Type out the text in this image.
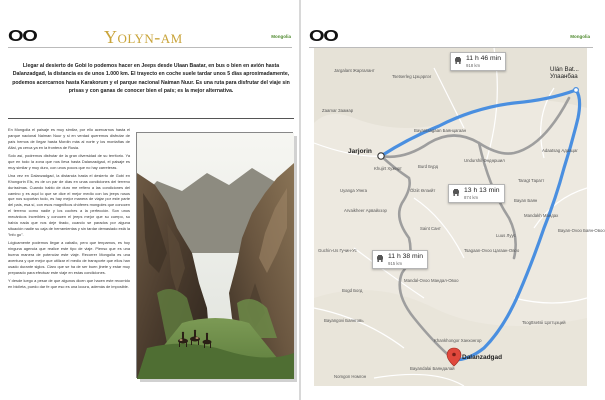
OO	Yolyn-am	Mongolia
Llegar al desierto de Gobi lo podemos hacer en Jeeps desde Ulaan Baatar, en bus o bien en avión hasta Dalanzadgad, la distancia es de unos 1.000 km. El trayecto en coche suele tardar unos 5 días aproximadamente, podemos acercarnos hasta Karakorum y el parque nacional Naiman Nuur. Es una ruta para disfrutar del viaje sin prisas y con ganas de conocer bien el país; es la mejor alternativa.

En Mongolia el paisaje es muy similar, por ello acercarnos hasta el parque nacional Naiman Nuur y si en verdad queremos disfrutar de país hemos de llegar hasta Mordin más al norte y los montañas de Altai, ya cerca ya en la frontera de Rusia.

Solo así, podremos disfrutar de la gran diversidad de su territorio. Ya que en todo la zona que nos lleva hasta Dalanzadgad, el paisaje es muy similar y muy duro, con unos pocos que no hay carreteras.

Una vez en Dalanzadgad, la distancia hasta el desierto de Gobi en Khongorin Els, es de un par de días en unas condiciones del terreno duríssimas. Cuando hablo de duro me refiero a las condiciones del camino y es aquí lo que se dice el mejor medio con los jeeps rusos que nos soportan todo, es hay mejor manera de viajar por este parte del país, esa sí, con esos magníficos chóferes mongoles que conocen el terreno como nadie y los coches a la perfección. Son unos mecánicos increíbles y conocen el jeeps mejor que su cuerpo, su había nada que nos deje tirado, cuando se parados por alguna situación nadie su caja de herramientas y sin tardar demasiado está la "info go".

Lógicamente podemos llegar a caballo, pero que tenpamos, es hoy ninguna agencia que realice este tipo de viaje. Pienso que es una buena manera de potenciar este viaje. Recorrer Mongolia es una aventura y que mejor que utilizar el medio de transporte que ellos han usado durante siglos. Claro que se ha de ser buen jinete y estar muy preparado para efectuar este viaje en estas condiciones.

Y desde luego a pesar de que algunos dicen que hacen este recorrido en bicileta, puedo dar fe que eso es una locura, además de imposible.

OO	Mongolia
Jargalant Жаргалант
Tsetserleg Цэцэрлэг
Zaamar Заамар
Bayantsagaan Баянцагаан
Khujirt Хужирт	Burd Бүрд
Uyanga Уянга
Arvaikheer Арвайхээр
Ölziit Өлзийт
Saint Сант
Taragt Тарагт
Bayan Баян
Adaatsag Адаацаг
Undurshil Өндөршил
Mandakh Мандах
Luus Луус
Bayan-Ovoo Баян-Овоо
Guchin-Us Гучин-Ус	Tsagaan-Ovoo Цагаан-Овоо
Bogd Богд
Bayangovi Баянговь
Mandal-Ovoo Мандал-Овоо
Khankhongor Ханхонгор
Tsogttsetsii Цогтцэций
Bayandalai Баяндалай
Nomgon Номгон
Jarjorin
Ulán Bat... Улаанбаа
Dalanzadgad
11 h 46 min
918 km
13 h 13 min
874 km
11 h 38 min
915 km
